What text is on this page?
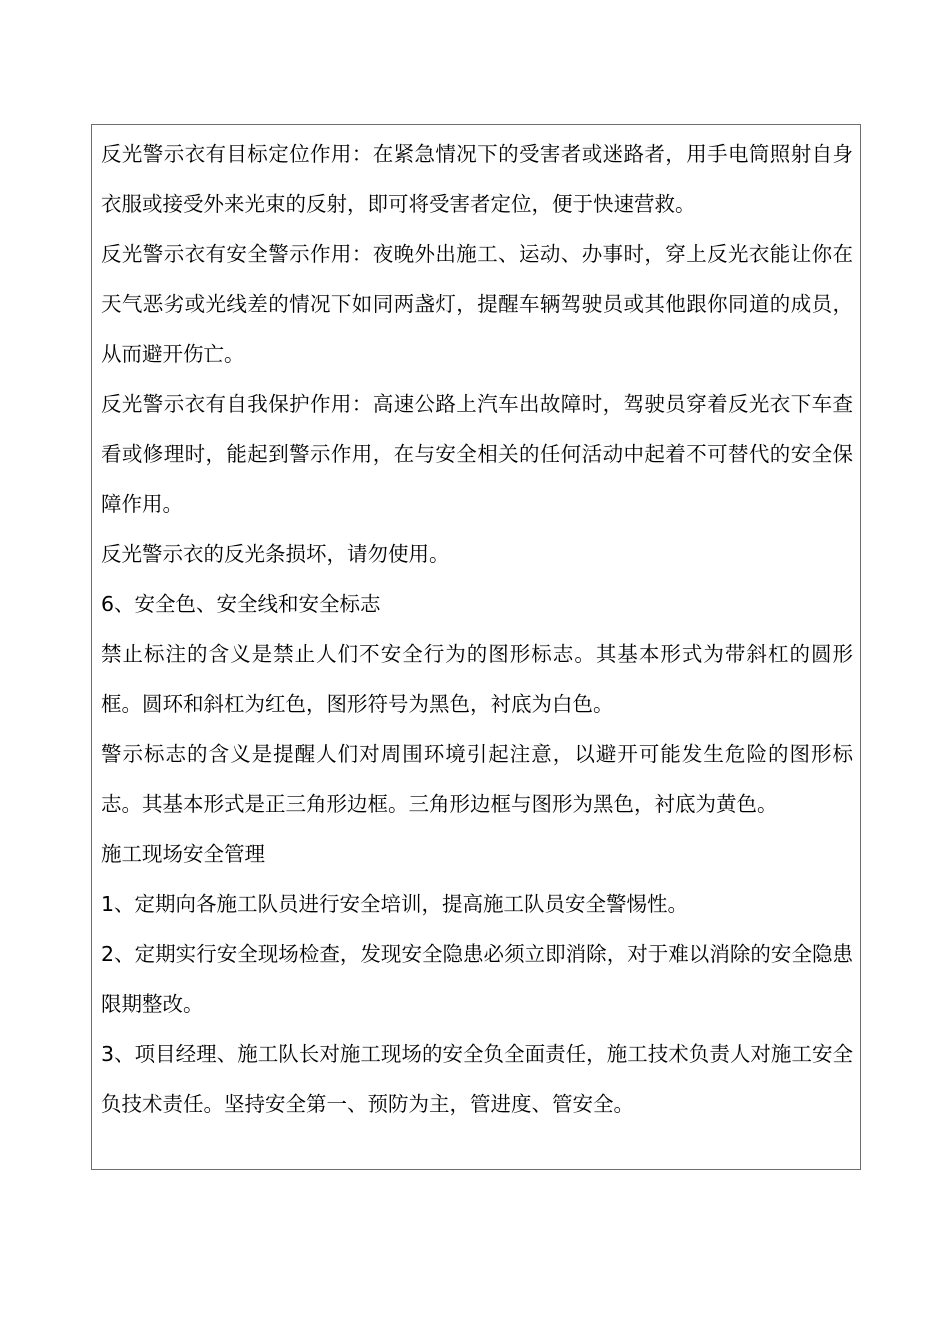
反光警示衣有目标定位作用：在紧急情况下的受害者或迷路者，用手电筒照射自身衣服或接受外来光束的反射，即可将受害者定位，便于快速营救。

反光警示衣有安全警示作用：夜晚外出施工、运动、办事时，穿上反光衣能让你在天气恶劣或光线差的情况下如同两盏灯，提醒车辆驾驶员或其他跟你同道的成员，从而避开伤亡。

反光警示衣有自我保护作用：高速公路上汽车出故障时，驾驶员穿着反光衣下车查看或修理时，能起到警示作用，在与安全相关的任何活动中起着不可替代的安全保障作用。

反光警示衣的反光条损坏，请勿使用。

6、安全色、安全线和安全标志

禁止标注的含义是禁止人们不安全行为的图形标志。其基本形式为带斜杠的圆形框。圆环和斜杠为红色，图形符号为黑色，衬底为白色。

警示标志的含义是提醒人们对周围环境引起注意，以避开可能发生危险的图形标志。其基本形式是正三角形边框。三角形边框与图形为黑色，衬底为黄色。

施工现场安全管理

1、定期向各施工队员进行安全培训，提高施工队员安全警惕性。

2、定期实行安全现场检查，发现安全隐患必须立即消除，对于难以消除的安全隐患限期整改。

3、项目经理、施工队长对施工现场的安全负全面责任，施工技术负责人对施工安全负技术责任。坚持安全第一、预防为主，管进度、管安全。
